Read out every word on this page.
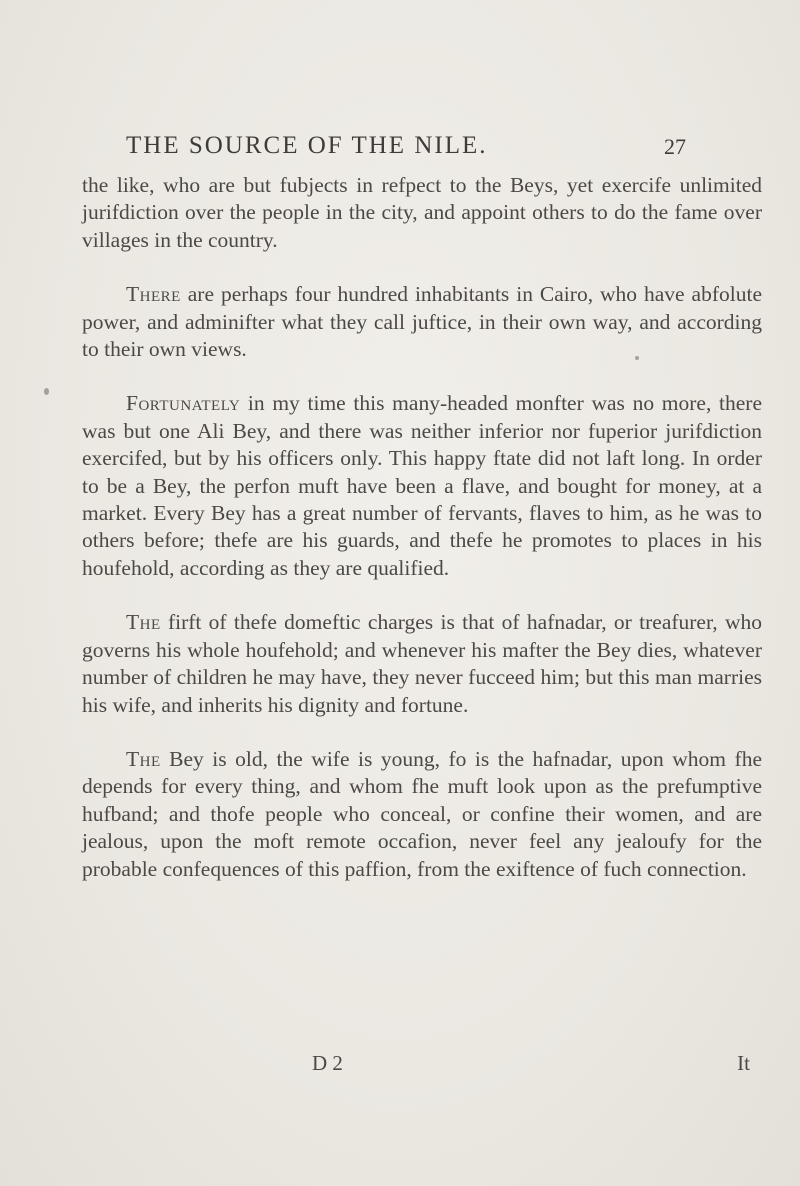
THE SOURCE OF THE NILE.	27

the like, who are but fubjects in refpect to the Beys, yet exercife unlimited jurifdiction over the people in the city, and appoint others to do the fame over villages in the country.

There are perhaps four hundred inhabitants in Cairo, who have abfolute power, and adminifter what they call juftice, in their own way, and according to their own views.

Fortunately in my time this many-headed monfter was no more, there was but one Ali Bey, and there was neither inferior nor fuperior jurifdiction exercifed, but by his officers only. This happy ftate did not laft long. In order to be a Bey, the perfon muft have been a flave, and bought for money, at a market. Every Bey has a great number of fervants, flaves to him, as he was to others before; thefe are his guards, and thefe he promotes to places in his houfehold, according as they are qualified.

The firft of thefe domeftic charges is that of hafnadar, or treafurer, who governs his whole houfehold; and whenever his mafter the Bey dies, whatever number of children he may have, they never fucceed him; but this man marries his wife, and inherits his dignity and fortune.

The Bey is old, the wife is young, fo is the hafnadar, upon whom fhe depends for every thing, and whom fhe muft look upon as the prefumptive hufband; and thofe people who conceal, or confine their women, and are jealous, upon the moft remote occafion, never feel any jealoufy for the probable confequences of this paffion, from the exiftence of fuch connection.

D 2	It
